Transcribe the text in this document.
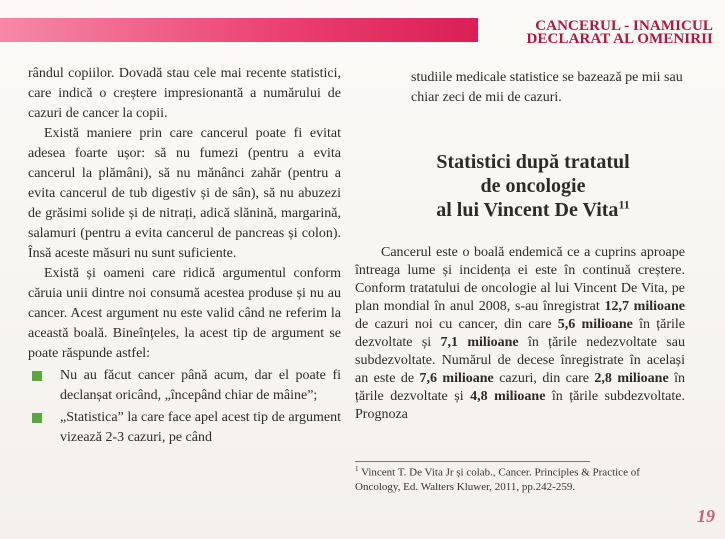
CANCERUL - INAMICUL
DECLARAT AL OMENIRII

rândul copiilor. Dovadă stau cele mai recente statistici, care indică o creștere impresionantă a numărului de cazuri de cancer la copii.

Există maniere prin care cancerul poate fi evitat adesea foarte ușor: să nu fumezi (pentru a evita cancerul la plămâni), să nu mănânci zahăr (pentru a evita cancerul de tub digestiv și de sân), să nu abuzezi de grăsimi solide și de nitrați, adică slănină, margarină, salamuri (pentru a evita cancerul de pancreas și colon). Însă aceste măsuri nu sunt suficiente.

Există și oameni care ridică argumentul conform căruia unii dintre noi consumă acestea produse și nu au cancer. Acest argument nu este valid când ne referim la această boală. Bineînțeles, la acest tip de argument se poate răspunde astfel:

Nu au făcut cancer până acum, dar el poate fi declanșat oricând, „începând chiar de mâine”;
„Statistica” la care face apel acest tip de argument vizează 2-3 cazuri, pe când

studiile medicale statistice se bazează pe mii sau chiar zeci de mii de cazuri.

Statistici după tratatul
de oncologie
al lui Vincent De Vita$^{11}$

Cancerul este o boală endemică ce a cuprins aproape întreaga lume și incidența ei este în continuă creștere. Conform tratatului de oncologie al lui Vincent De Vita, pe plan mondial în anul 2008, s-au înregistrat 12,7 milioane de cazuri noi cu cancer, din care 5,6 milioane în țările dezvoltate și 7,1 milioane în țările nedezvoltate sau subdezvoltate. Numărul de decese înregistrate în același an este de 7,6 milioane cazuri, din care 2,8 milioane în țările dezvoltate și 4,8 milioane în țările subdezvoltate. Prognoza

$^1$ Vincent T. De Vita Jr și colab., Cancer. Principles & Practice of Oncology, Ed. Walters Kluwer, 2011, pp.242-259.
19
